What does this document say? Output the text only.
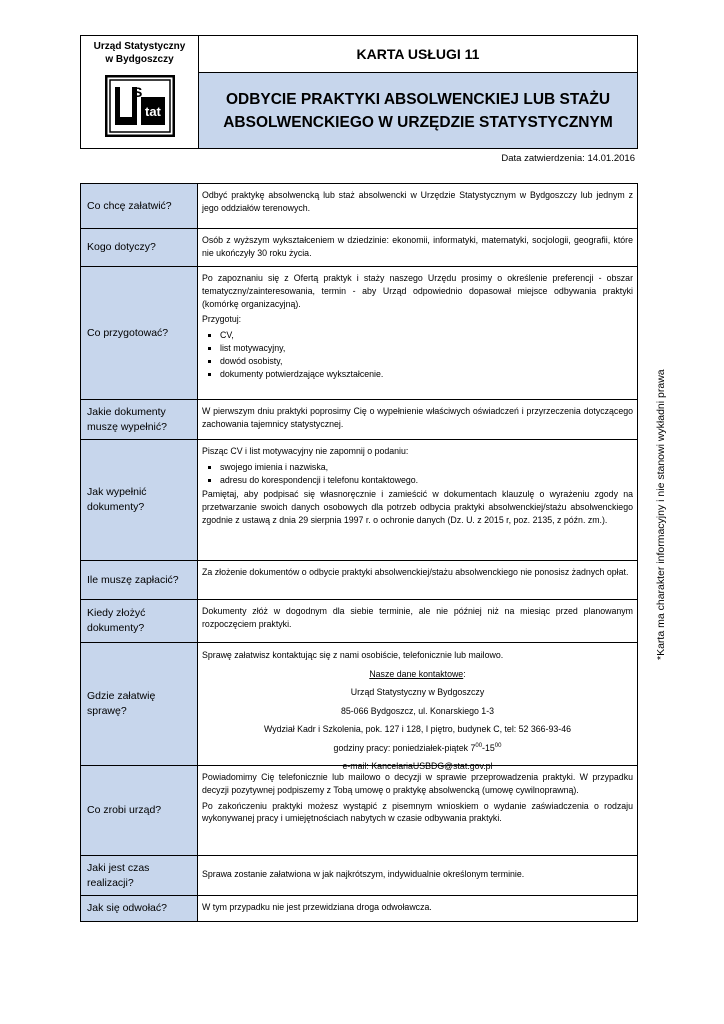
Urząd Statystyczny
w Bydgoszczy
tat
S
KARTA USŁUGI 11
ODBYCIE PRAKTYKI ABSOLWENCKIEJ LUB STAŻU
ABSOLWENCKIEGO W URZĘDZIE STATYSTYCZNYM
Data zatwierdzenia: 14.01.2016
Co chcę załatwić?

Odbyć praktykę absolwencką lub staż absolwencki w Urzędzie Statystycznym w Bydgoszczy lub jednym z jego oddziałów terenowych.

Kogo dotyczy?

Osób z wyższym wykształceniem w dziedzinie: ekonomii, informatyki, matematyki, socjologii, geografii, które nie ukończyły 30 roku życia.

Co przygotować?

Po zapoznaniu się z Ofertą praktyk i staży naszego Urzędu prosimy o określenie preferencji - obszar tematyczny/zainteresowania, termin - aby Urząd odpowiednio dopasował miejsce odbywania praktyki (komórkę organizacyjną).

Przygotuj:

▪ CV,
▪ list motywacyjny,
▪ dowód osobisty,
▪ dokumenty potwierdzające wykształcenie.
Jakie dokumenty muszę wypełnić?

W pierwszym dniu praktyki poprosimy Cię o wypełnienie właściwych oświadczeń i przyrzeczenia dotyczącego zachowania tajemnicy statystycznej.

Jak wypełnić dokumenty?

Pisząc CV i list motywacyjny nie zapomnij o podaniu:

▪ swojego imienia i nazwiska,
▪ adresu do korespondencji i telefonu kontaktowego.

Pamiętaj, aby podpisać się własnoręcznie i zamieścić w dokumentach klauzulę o wyrażeniu zgody na przetwarzanie swoich danych osobowych dla potrzeb odbycia praktyki absolwenckiej/stażu absolwenckiego zgodnie z ustawą z dnia 29 sierpnia 1997 r. o ochronie danych (Dz. U. z 2015 r, poz. 2135, z późn. zm.).

Ile muszę zapłacić?

Za złożenie dokumentów o odbycie praktyki absolwenckiej/stażu absolwenckiego nie ponosisz żadnych opłat.

Kiedy złożyć dokumenty?

Dokumenty złóż w dogodnym dla siebie terminie, ale nie później niż na miesiąc przed planowanym rozpoczęciem praktyki.

Gdzie załatwię sprawę?

Sprawę załatwisz kontaktując się z nami osobiście, telefonicznie lub mailowo.

Nasze dane kontaktowe:

Urząd Statystyczny w Bydgoszczy

85-066 Bydgoszcz, ul. Konarskiego 1-3

Wydział Kadr i Szkolenia, pok. 127 i 128, I piętro, budynek C, tel: 52 366-93-46

godziny pracy: poniedziałek-piątek $7^{00}-15^{00}$

e-mail: KancelariaUSBDG@stat.gov.pl

Co zrobi urząd?

Powiadomimy Cię telefonicznie lub mailowo o decyzji w sprawie przeprowadzenia praktyki. W przypadku decyzji pozytywnej podpiszemy z Tobą umowę o praktykę absolwencką (umowę cywilnoprawną).

Po zakończeniu praktyki możesz wystąpić z pisemnym wnioskiem o wydanie zaświadczenia o rodzaju wykonywanej pracy i umiejętnościach nabytych w czasie odbywania praktyki.

Jaki jest czas realizacji?

Sprawa zostanie załatwiona w jak najkrótszym, indywidualnie określonym terminie.

Jak się odwołać?	W tym przypadku nie jest przewidziana droga odwoławcza.

*Karta ma charakter informacyjny i nie stanowi wykładni prawa
